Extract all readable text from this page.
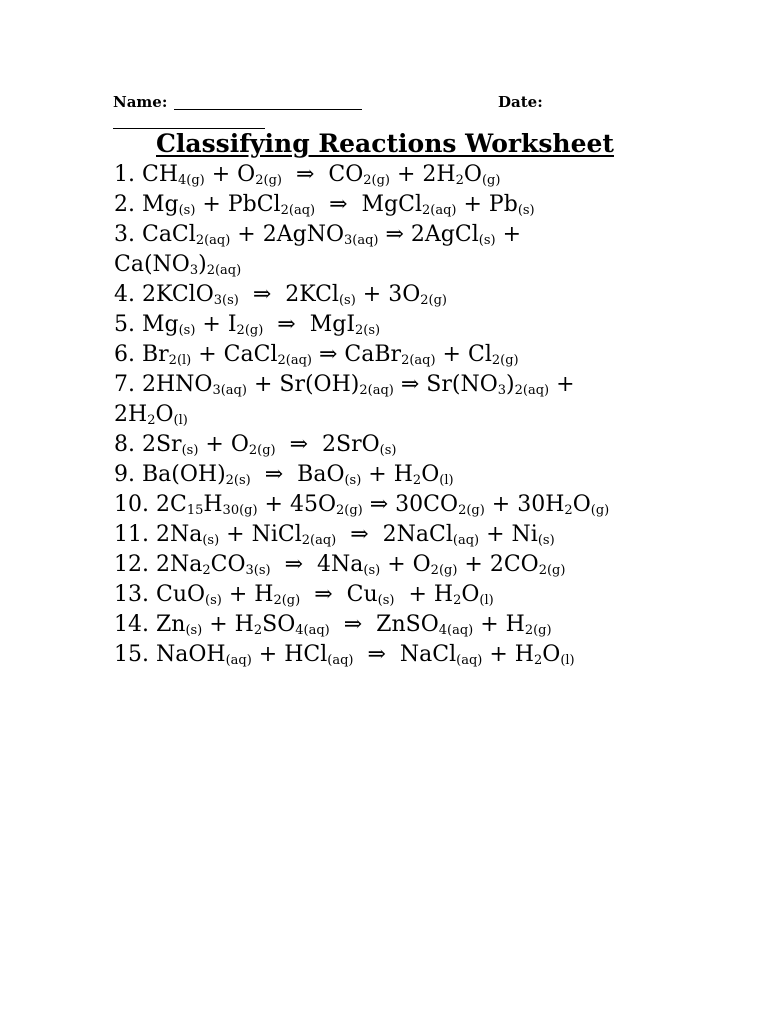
Name:	Date:
Classifying Reactions Worksheet
1. $CH_{4(g)} + O_{2(g)}$  ⇒  $CO_{2(g)} + 2H_2O_{(g)}$
2. $Mg_{(s)}$ + PbCl$_{2(aq)}$  ⇒  MgCl$_{2(aq)}$ + $Pb_{(s)}$
3. CaCl$_{2(aq)}$ + 2AgNO$_{3(aq)}$ ⇒ 2AgCl$_{(s)}$ + $Ca(NO_3)_{2(aq)}$
4. 2KClO$_{3(s)}$  ⇒  $2KCl_{(s)} + 3O_{2(g)}$
5. $Mg_{(s)} + I_{2(g)}$  ⇒  MgI$_{2(s)}$
6. $Br_{2(l)}$ + CaCl$_{2(aq)}$ ⇒ CaBr$_{2(aq)}$ + $Cl_{2(g)}$
7. $2HNO_{3(aq)} + Sr(OH)_{2(aq)}$ ⇒ $Sr(NO_3)_{2(aq)} + 2H_2O_{(l)}$
8. $2Sr_{(s)} + O_{2(g)}$  ⇒  2SrO$_{(s)}$
9. $Ba(OH)_{2(s)}$  ⇒  $BaO_{(s)} + H_2O_{(l)}$
10. $2C_{15}H_{30(g)} + 45O_{2(g)}$ ⇒ $30CO_{2(g)} + 30H_2O_{(g)}$
11. $2Na_{(s)}$ + NiCl$_{2(aq)}$  ⇒  2NaCl$_{(aq)}$ + $Ni_{(s)}$
12. $2Na_2CO_{3(s)}$  ⇒  $4Na_{(s)} + O_{2(g)} + 2CO_{2(g)}$
13. $CuO_{(s)} + H_{2(g)}$  ⇒  $Cu_{(s)} + H_2O_{(l)}$
14. $Zn_{(s)} + H_2SO_{4(aq)}$  ⇒  ZnSO$_{4(aq)}$ + $H_{2(g)}$
15. NaOH$_{(aq)}$ + HCl$_{(aq)}$  ⇒  NaCl$_{(aq)}$ + $H_2O_{(l)}$
